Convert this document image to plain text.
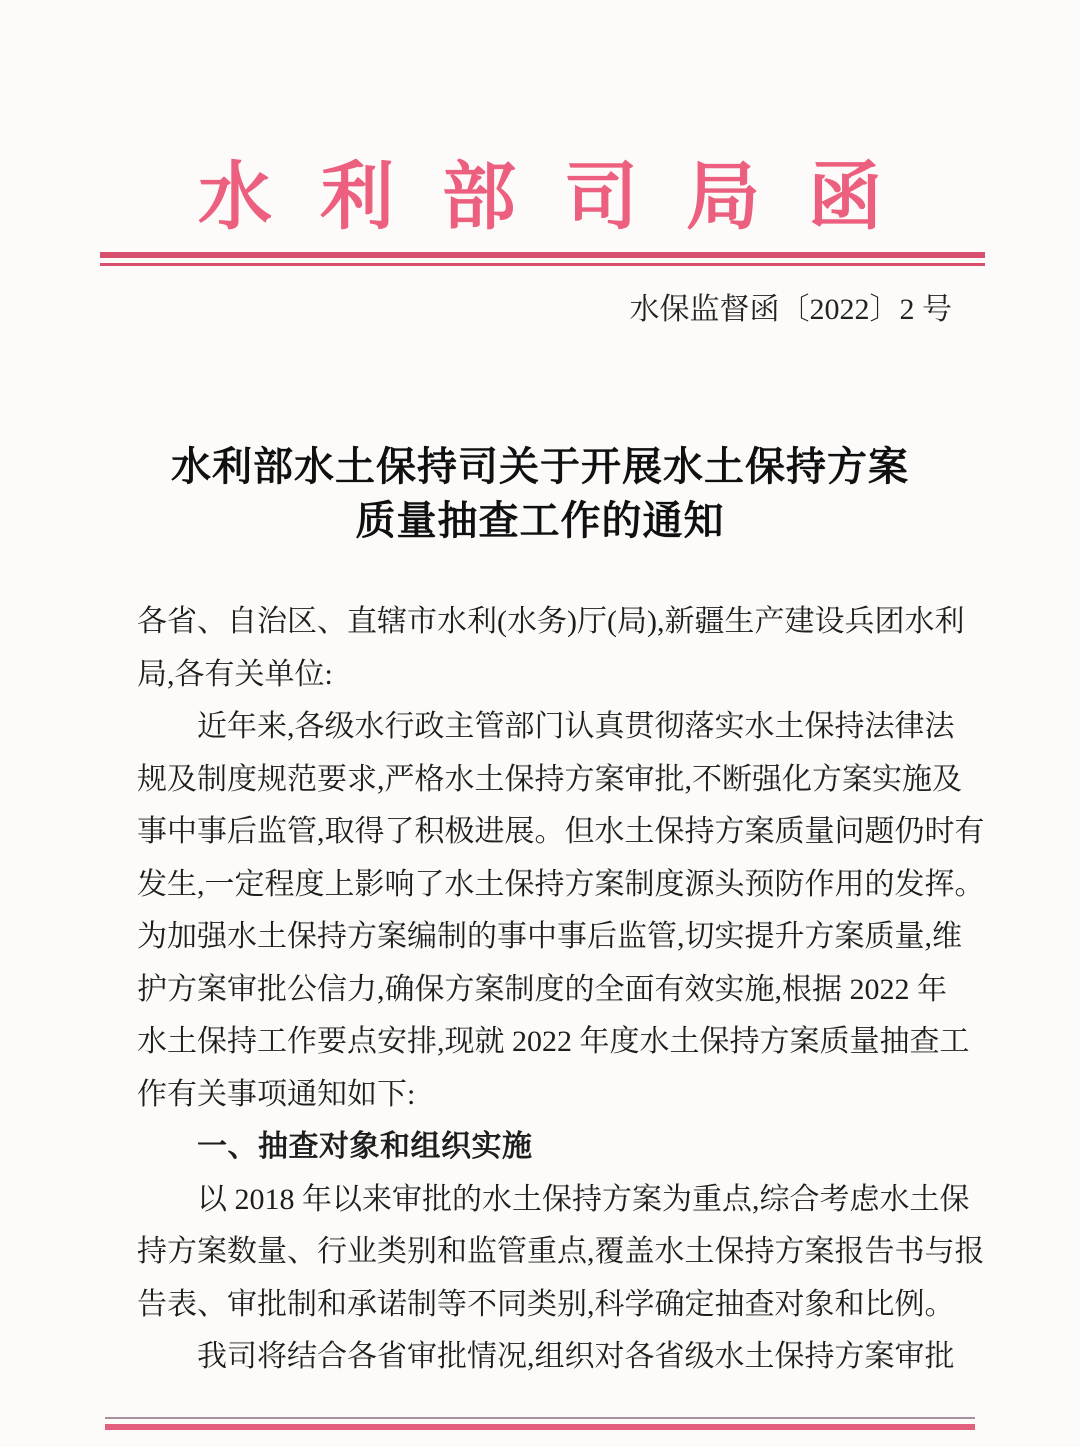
水利部司局函
水保监督函〔2022〕2 号
水利部水土保持司关于开展水土保持方案
质量抽查工作的通知
各省、自治区、直辖市水利(水务)厅(局),新疆生产建设兵团水利
局,各有关单位:
近年来,各级水行政主管部门认真贯彻落实水土保持法律法
规及制度规范要求,严格水土保持方案审批,不断强化方案实施及
事中事后监管,取得了积极进展。但水土保持方案质量问题仍时有
发生,一定程度上影响了水土保持方案制度源头预防作用的发挥。
为加强水土保持方案编制的事中事后监管,切实提升方案质量,维
护方案审批公信力,确保方案制度的全面有效实施,根据 2022 年
水土保持工作要点安排,现就 2022 年度水土保持方案质量抽查工
作有关事项通知如下:
一、抽查对象和组织实施
以 2018 年以来审批的水土保持方案为重点,综合考虑水土保
持方案数量、行业类别和监管重点,覆盖水土保持方案报告书与报
告表、审批制和承诺制等不同类别,科学确定抽查对象和比例。
我司将结合各省审批情况,组织对各省级水土保持方案审批
